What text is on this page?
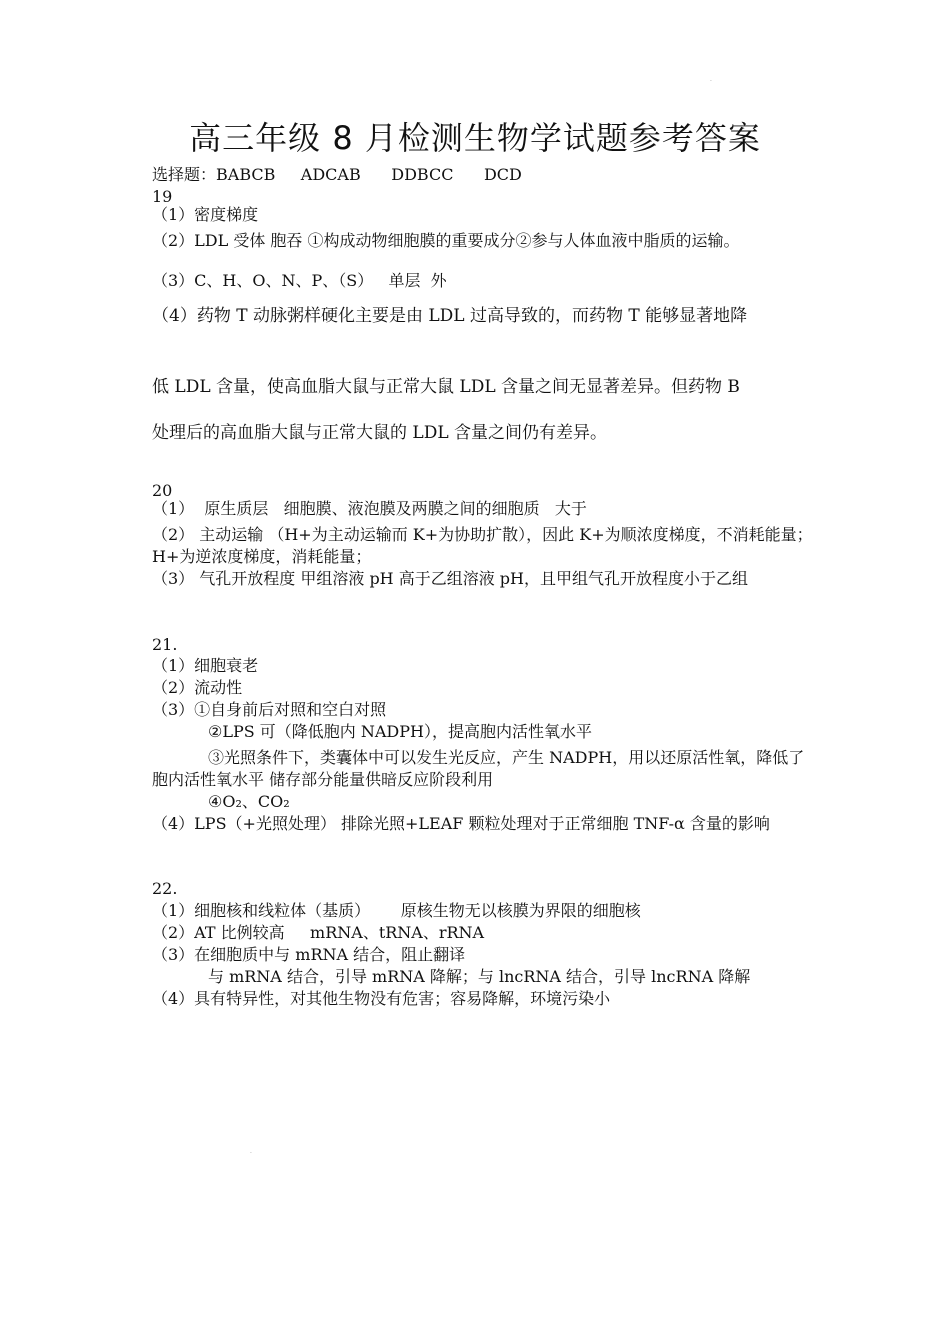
·
高三年级 8 月检测生物学试题参考答案
选择题：BABCB     ADCAB      DDBCC      DCD
19
（1）密度梯度
（2）LDL 受体 胞吞 ①构成动物细胞膜的重要成分②参与人体血液中脂质的运输。
（3）C、H、O、N、P、（S）   单层  外
（4）药物 T 动脉粥样硬化主要是由 LDL 过高导致的，而药物 T 能够显著地降
低 LDL 含量，使高血脂大鼠与正常大鼠 LDL 含量之间无显著差异。但药物 B
处理后的高血脂大鼠与正常大鼠的 LDL 含量之间仍有差异。
20
（1）  原生质层   细胞膜、液泡膜及两膜之间的细胞质   大于
（2） 主动运输 （H+为主动运输而 K+为协助扩散），因此 K+为顺浓度梯度，不消耗能量；H+为逆浓度梯度，消耗能量；
（3） 气孔开放程度 甲组溶液 pH 高于乙组溶液 pH，且甲组气孔开放程度小于乙组
21.
（1）细胞衰老
（2）流动性
（3）①自身前后对照和空白对照
②LPS 可（降低胞内 NADPH），提高胞内活性氧水平
③光照条件下，类囊体中可以发生光反应，产生 NADPH，用以还原活性氧，降低了胞内活性氧水平 储存部分能量供暗反应阶段利用
④O₂、CO₂
（4）LPS（+光照处理） 排除光照+LEAF 颗粒处理对于正常细胞 TNF-α 含量的影响
22.
（1）细胞核和线粒体（基质）      原核生物无以核膜为界限的细胞核
（2）AT 比例较高     mRNA、tRNA、rRNA
（3）在细胞质中与 mRNA 结合，阻止翻译
与 mRNA 结合，引导 mRNA 降解；与 lncRNA 结合，引导 lncRNA 降解
（4）具有特异性，对其他生物没有危害；容易降解，环境污染小
·
